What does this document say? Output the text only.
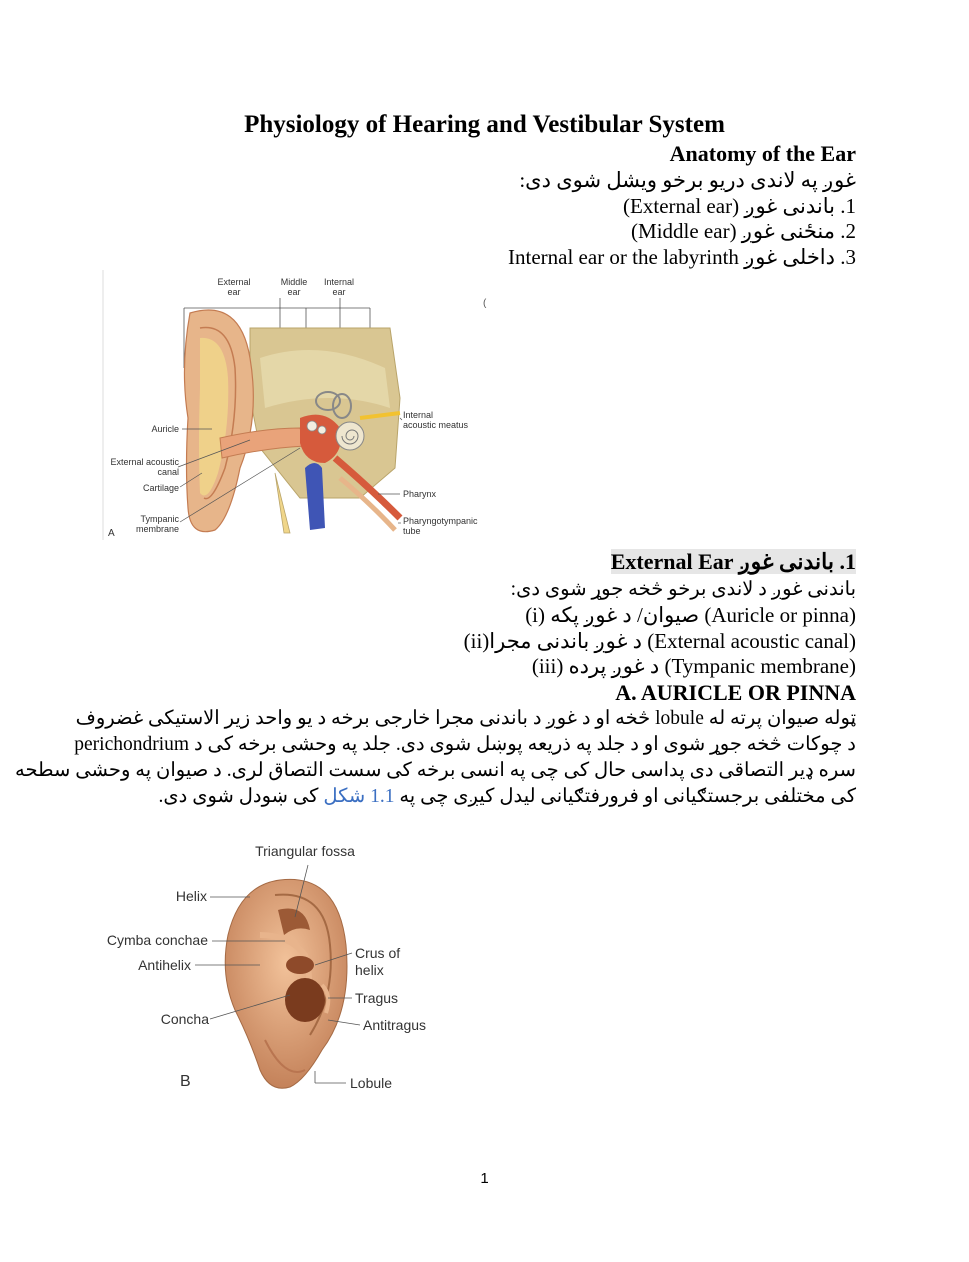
Physiology of Hearing and Vestibular System
Anatomy of the Ear
غوږ په لاندی دریو برخو ویشل شوی دی:
1. باندنی غوږ (External ear)
2. منځنی غوږ (Middle ear)
3. داخلی غوږ Internal ear or the labyrinth
(
External ear
Middle ear
Internal ear
Auricle
External acoustic canal
Cartilage
Tympanic membrane
A
Internal acoustic meatus
Pharynx
Pharyngotympanic tube
1. باندنی غوږ External Ear
باندنی غوږ د لاندی برخو څخه جوړ شوی دی:
(i) صیوان/ د غوږ پکه (Auricle or pinna)
(ii)د غوږ باندنی مجرا (External acoustic canal)
(iii) د غوږ پرده (Tympanic membrane)
A. AURICLE OR PINNA

ټوله صیوان پرته له lobule څخه او د غوږ د باندنی مجرا خارجی برخه د یو واحد زیر الاستیکی غضروف

د چوکات څخه جوړ شوی او د جلد په ذریعه پوښل شوی دی. جلد په وحشی برخه کی د perichondrium

سره ډیر التصاقی دی پداسی حال کی چی په انسی برخه کی سست التصاق لری. د صیوان په وحشی سطحه

کی مختلفی برجستګیانی او فرورفتګیانی لیدل کیږی چی په 1.1 شکل کی ښودل شوی دی.

Triangular fossa
Helix
Cymba conchae
Antihelix
Concha
Crus of helix
Tragus
Antitragus
Lobule
B
1
